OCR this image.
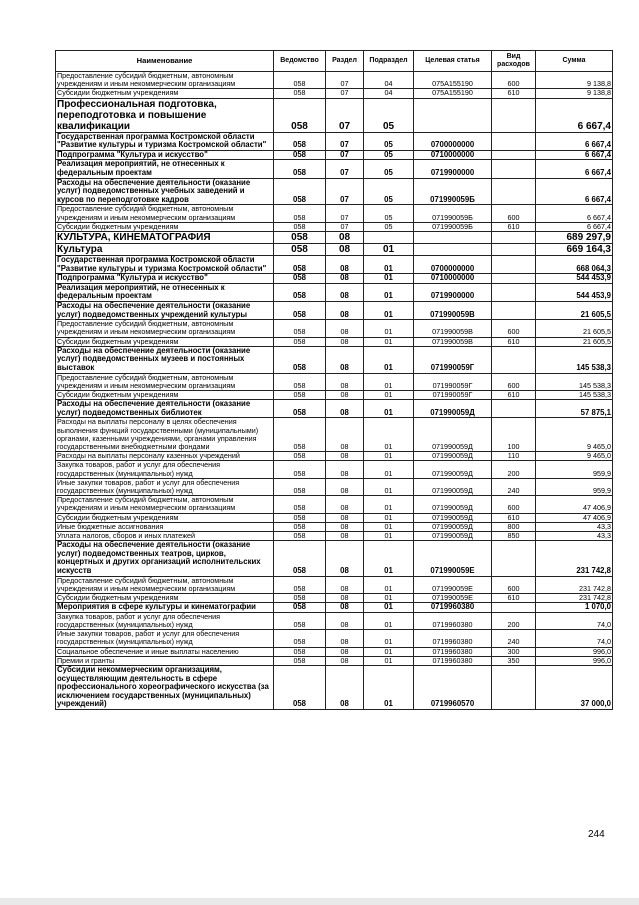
Наименование	Ведомство	Раздел	Подраздел	Целевая статья	Вид расходов	Сумма
Предоставление субсидий бюджетным, автономным учреждениям и иным некоммерческим организациям	058	07	04	075А155190	600	9 138,8
Субсидии бюджетным учреждениям	058	07	04	075А155190	610	9 138,8
Профессиональная подготовка, переподготовка и повышение квалификации	058	07	05			6 667,4
Государственная программа Костромской области "Развитие культуры и туризма Костромской области"	058	07	05	0700000000		6 667,4
Подпрограмма "Культура и искусство"	058	07	05	0710000000		6 667,4
Реализация мероприятий, не отнесенных к федеральным проектам	058	07	05	0719900000		6 667,4
Расходы на обеспечение деятельности (оказание услуг) подведомственных учебных заведений и курсов по переподготовке кадров	058	07	05	071990059Б		6 667,4
Предоставление субсидий бюджетным, автономным учреждениям и иным некоммерческим организациям	058	07	05	071990059Б	600	6 667,4
Субсидии бюджетным учреждениям	058	07	05	071990059Б	610	6 667,4
КУЛЬТУРА, КИНЕМАТОГРАФИЯ	058	08				689 297,9
Культура	058	08	01			669 164,3
Государственная программа Костромской области "Развитие культуры и туризма Костромской области"	058	08	01	0700000000		668 064,3
Подпрограмма "Культура и искусство"	058	08	01	0710000000		544 453,9
Реализация мероприятий, не отнесенных к федеральным проектам	058	08	01	0719900000		544 453,9
Расходы на обеспечение деятельности (оказание услуг) подведомственных учреждений культуры	058	08	01	071990059В		21 605,5
Предоставление субсидий бюджетным, автономным учреждениям и иным некоммерческим организациям	058	08	01	071990059В	600	21 605,5
Субсидии бюджетным учреждениям	058	08	01	071990059В	610	21 605,5
Расходы на обеспечение деятельности (оказание услуг) подведомственных музеев и постоянных выставок	058	08	01	071990059Г		145 538,3
Предоставление субсидий бюджетным, автономным учреждениям и иным некоммерческим организациям	058	08	01	071990059Г	600	145 538,3
Субсидии бюджетным учреждениям	058	08	01	071990059Г	610	145 538,3
Расходы на обеспечение деятельности (оказание услуг) подведомственных библиотек	058	08	01	071990059Д		57 875,1
Расходы на выплаты персоналу в целях обеспечения выполнения функций государственными (муниципальными) органами, казенными учреждениями, органами управления государственными внебюджетными фондами	058	08	01	071990059Д	100	9 465,0
Расходы на выплаты персоналу казенных учреждений	058	08	01	071990059Д	110	9 465,0
Закупка товаров, работ и услуг для обеспечения государственных (муниципальных) нужд	058	08	01	071990059Д	200	959,9
Иные закупки товаров, работ и услуг для обеспечения государственных (муниципальных) нужд	058	08	01	071990059Д	240	959,9
Предоставление субсидий бюджетным, автономным учреждениям и иным некоммерческим организациям	058	08	01	071990059Д	600	47 406,9
Субсидии бюджетным учреждениям	058	08	01	071990059Д	610	47 406,9
Иные бюджетные ассигнования	058	08	01	071990059Д	800	43,3
Уплата налогов, сборов и иных платежей	058	08	01	071990059Д	850	43,3
Расходы на обеспечение деятельности (оказание услуг) подведомственных театров, цирков, концертных и других организаций исполнительских искусств	058	08	01	071990059Е		231 742,8
Предоставление субсидий бюджетным, автономным учреждениям и иным некоммерческим организациям	058	08	01	071990059Е	600	231 742,8
Субсидии бюджетным учреждениям	058	08	01	071990059Е	610	231 742,8
Мероприятия в сфере культуры и кинематографии	058	08	01	0719960380		1 070,0
Закупка товаров, работ и услуг для обеспечения государственных (муниципальных) нужд	058	08	01	0719960380	200	74,0
Иные закупки товаров, работ и услуг для обеспечения государственных (муниципальных) нужд	058	08	01	0719960380	240	74,0
Социальное обеспечение и иные выплаты населению	058	08	01	0719960380	300	996,0
Премии и гранты	058	08	01	0719960380	350	996,0
Субсидии некоммерческим организациям, осуществляющим деятельность в сфере профессионального хореографического искусства (за исключением государственных (муниципальных) учреждений)	058	08	01	0719960570		37 000,0
244
